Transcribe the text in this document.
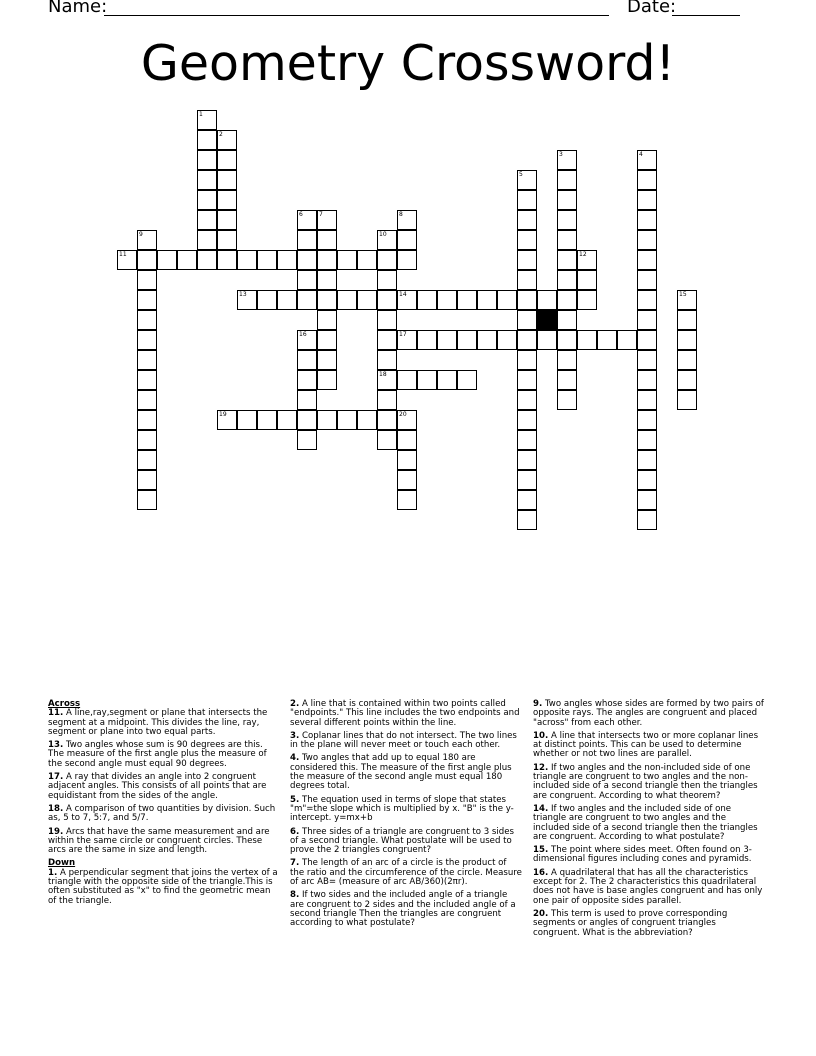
Name:	Date:
Geometry Crossword!
1
2
3	4
5
6	7	8
9	10
18
11	12
13	14	15
16	17
19	20
Across
11. A line,ray,segment or plane that intersects the segment at a midpoint. This divides the line, ray, segment or plane into two equal parts.
13. Two angles whose sum is 90 degrees are this. The measure of the first angle plus the measure of the second angle must equal 90 degrees.
17. A ray that divides an angle into 2 congruent adjacent angles. This consists of all points that are equidistant from the sides of the angle.
18. A comparison of two quantities by division. Such as, 5 to 7, 5:7, and 5/7.
19. Arcs that have the same measurement and are within the same circle or congruent circles. These arcs are the same in size and length.
Down
1. A perpendicular segment that joins the vertex of a triangle with the opposite side of the triangle.This is often substituted as "x" to find the geometric mean of the triangle.
2. A line that is contained within two points called "endpoints." This line includes the two endpoints and several different points within the line.
3. Coplanar lines that do not intersect. The two lines in the plane will never meet or touch each other.
4. Two angles that add up to equal 180 are considered this. The measure of the first angle plus the measure of the second angle must equal 180 degrees total.
5. The equation used in terms of slope that states "m"=the slope which is multiplied by x. "B" is the y-intercept. y=mx+b
6. Three sides of a triangle are congruent to 3 sides of a second triangle. What postulate will be used to prove the 2 triangles congruent?
7. The length of an arc of a circle is the product of the ratio and the circumference of the circle. Measure of arc AB= (measure of arc AB/360)(2πr).
8. If two sides and the included angle of a triangle are congruent to 2 sides and the included angle of a second triangle Then the triangles are congruent according to what postulate?
9. Two angles whose sides are formed by two pairs of opposite rays. The angles are congruent and placed "across" from each other.
10. A line that intersects two or more coplanar lines at distinct points. This can be used to determine whether or not two lines are parallel.
12. If two angles and the non-included side of one triangle are congruent to two angles and the non-included side of a second triangle then the triangles are congruent. According to what theorem?
14. If two angles and the included side of one triangle are congruent to two angles and the included side of a second triangle then the triangles are congruent. According to what postulate?
15. The point where sides meet. Often found on 3-dimensional figures including cones and pyramids.
16. A quadrilateral that has all the characteristics except for 2. The 2 characteristics this quadrilateral does not have is base angles congruent and has only one pair of opposite sides parallel.
20. This term is used to prove corresponding segments or angles of congruent triangles congruent. What is the abbreviation?
